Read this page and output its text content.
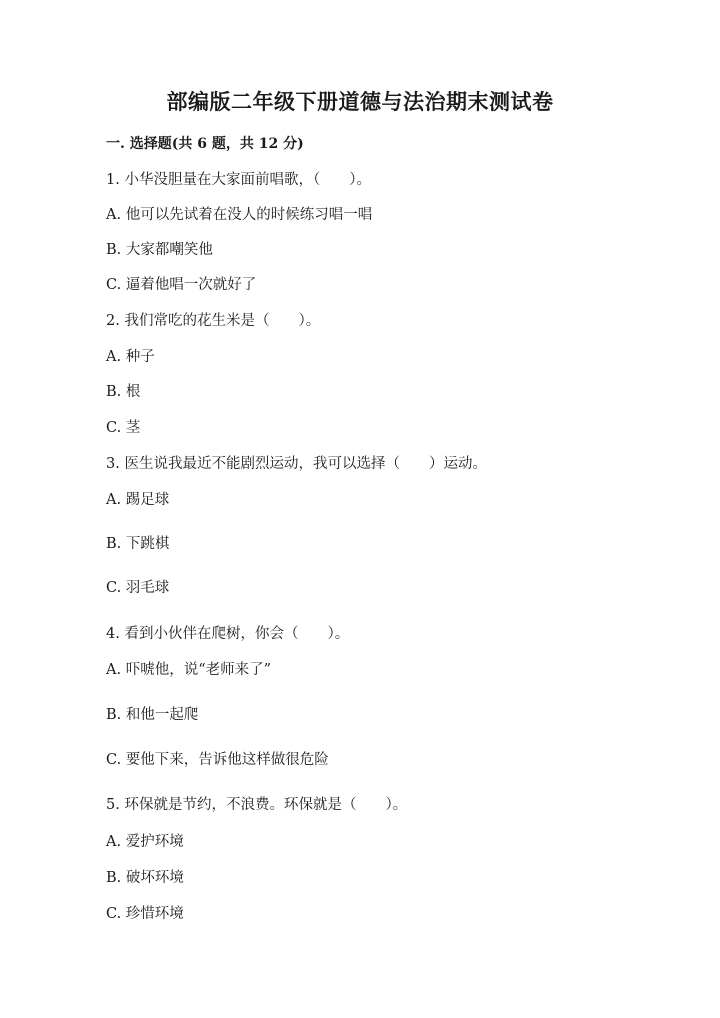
部编版二年级下册道德与法治期末测试卷
一. 选择题(共 6 题，共 12 分)
1. 小华没胆量在大家面前唱歌，（　　）。
A. 他可以先试着在没人的时候练习唱一唱
B. 大家都嘲笑他
C. 逼着他唱一次就好了
2. 我们常吃的花生米是（　　）。
A. 种子
B. 根
C. 茎
3. 医生说我最近不能剧烈运动，我可以选择（　　）运动。
A. 踢足球
B. 下跳棋
C. 羽毛球
4. 看到小伙伴在爬树，你会（　　）。
A. 吓唬他，说“老师来了”
B. 和他一起爬
C. 要他下来，告诉他这样做很危险
5. 环保就是节约，不浪费。环保就是（　　）。
A. 爱护环境
B. 破坏环境
C. 珍惜环境
